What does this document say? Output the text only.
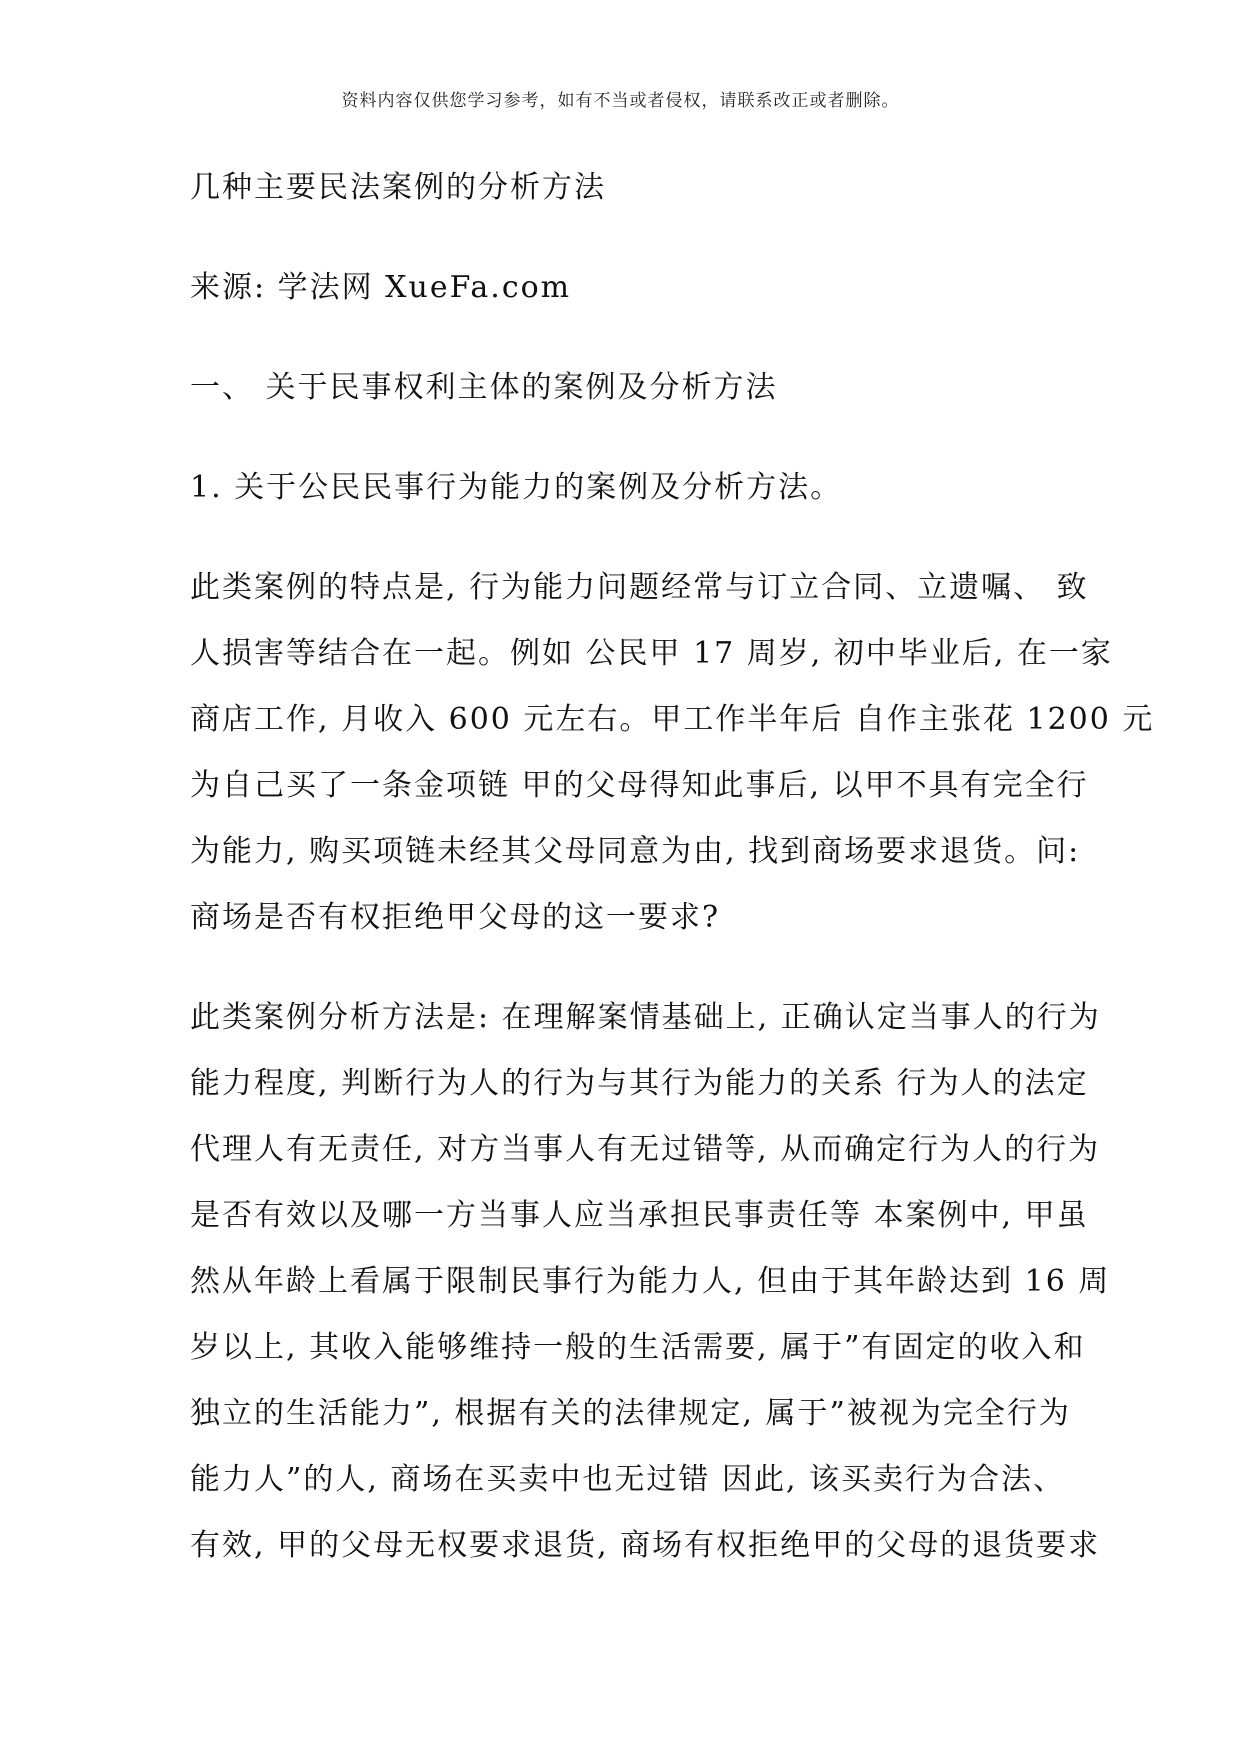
资料内容仅供您学习参考，如有不当或者侵权，请联系改正或者删除。
几种主要民法案例的分析方法
来源: 学法网 XueFa.com
一、 关于民事权利主体的案例及分析方法
1. 关于公民民事行为能力的案例及分析方法。
此类案例的特点是, 行为能力问题经常与订立合同、立遗嘱、 致
人损害等结合在一起。例如 公民甲 17 周岁, 初中毕业后, 在一家
商店工作, 月收入 600 元左右。甲工作半年后 自作主张花 1200 元
为自己买了一条金项链 甲的父母得知此事后, 以甲不具有完全行
为能力, 购买项链未经其父母同意为由, 找到商场要求退货。问:
商场是否有权拒绝甲父母的这一要求?
此类案例分析方法是: 在理解案情基础上, 正确认定当事人的行为
能力程度, 判断行为人的行为与其行为能力的关系 行为人的法定
代理人有无责任, 对方当事人有无过错等, 从而确定行为人的行为
是否有效以及哪一方当事人应当承担民事责任等 本案例中, 甲虽
然从年龄上看属于限制民事行为能力人, 但由于其年龄达到 16 周
岁以上, 其收入能够维持一般的生活需要, 属于”有固定的收入和
独立的生活能力”, 根据有关的法律规定, 属于”被视为完全行为
能力人”的人, 商场在买卖中也无过错 因此, 该买卖行为合法、
有效, 甲的父母无权要求退货, 商场有权拒绝甲的父母的退货要求
